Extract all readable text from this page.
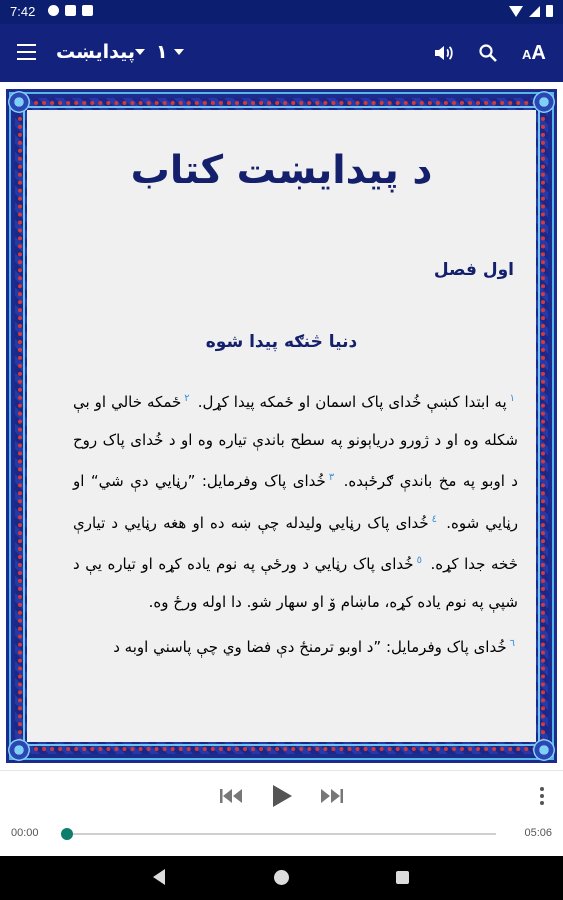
7:42
پيدايښت ١	AA
د پيدايښت کتاب
اول فصل
دنيا څنګه پيدا شوه
$^١$په ابتدا کښې خُدای پاک اسمان او ځمکه پيدا کړل. $^٢$ځمکه خالي او بې شکله وه او د ژورو درياېونو په سطح باندې تياره وه او د خُدای پاک روح د اوبو په مخ باندې ګرځېده. $^٣$خُدای پاک وفرمايل: ”رڼايي دې شي“ او رڼايي شوه. $^٤$خُدای پاک رڼايي وليدله چې ښه ده او هغه رڼايي د تيارې څخه جدا کړه. $^٥$خُدای پاک رڼايي د ورځې په نوم ياده کړه او تياره يې د شپې په نوم ياده کړه، ماښام ۆ او سهار شو. دا اوله ورځ وه.
$^٦$خُدای پاک وفرمايل: ”د اوبو ترمنځ دې فضا وي چې پاسني اوبه د
00:00	05:06
